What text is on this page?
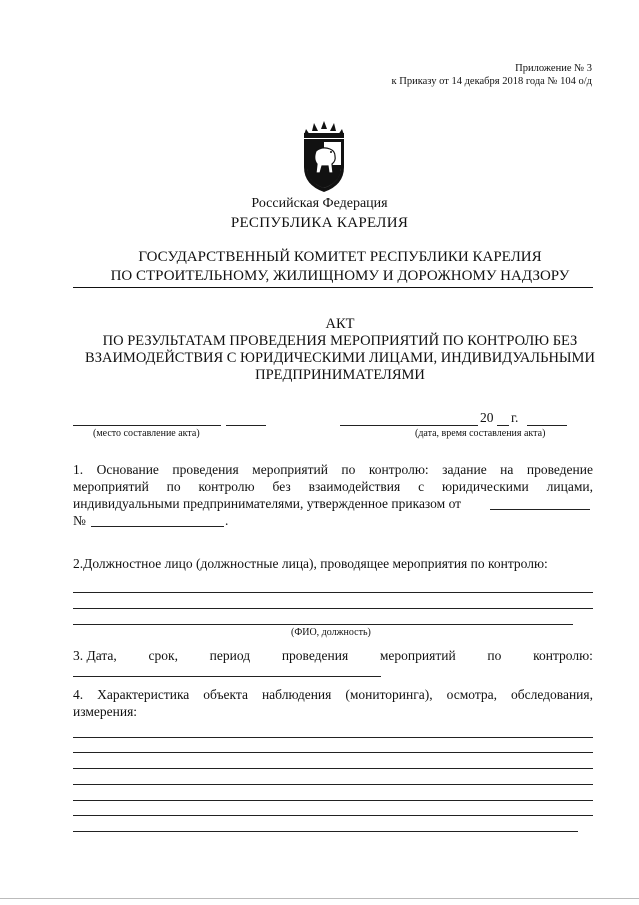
Приложение № 3
к Приказу от 14 декабря 2018 года № 104 о/д
Российская Федерация
РЕСПУБЛИКА КАРЕЛИЯ
ГОСУДАРСТВЕННЫЙ КОМИТЕТ РЕСПУБЛИКИ КАРЕЛИЯ
ПО СТРОИТЕЛЬНОМУ, ЖИЛИЩНОМУ И ДОРОЖНОМУ НАДЗОРУ
АКТ
ПО РЕЗУЛЬТАТАМ ПРОВЕДЕНИЯ МЕРОПРИЯТИЙ ПО КОНТРОЛЮ БЕЗ
ВЗАИМОДЕЙСТВИЯ С ЮРИДИЧЕСКИМИ ЛИЦАМИ, ИНДИВИДУАЛЬНЫМИ
ПРЕДПРИНИМАТЕЛЯМИ
(место составление акта)
20 г.
(дата, время составления акта)
1. Основание проведения мероприятий по контролю: задание на проведение
мероприятий по контролю без взаимодействия с юридическими лицами,
индивидуальными предпринимателями, утвержденное приказом от
№	.
2.Должностное лицо (должностные лица), проводящее мероприятия по контролю:
(ФИО, должность)
3. Дата, срок, период проведения мероприятий по контролю:
4. Характеристика объекта наблюдения (мониторинга), осмотра, обследования,
измерения:
